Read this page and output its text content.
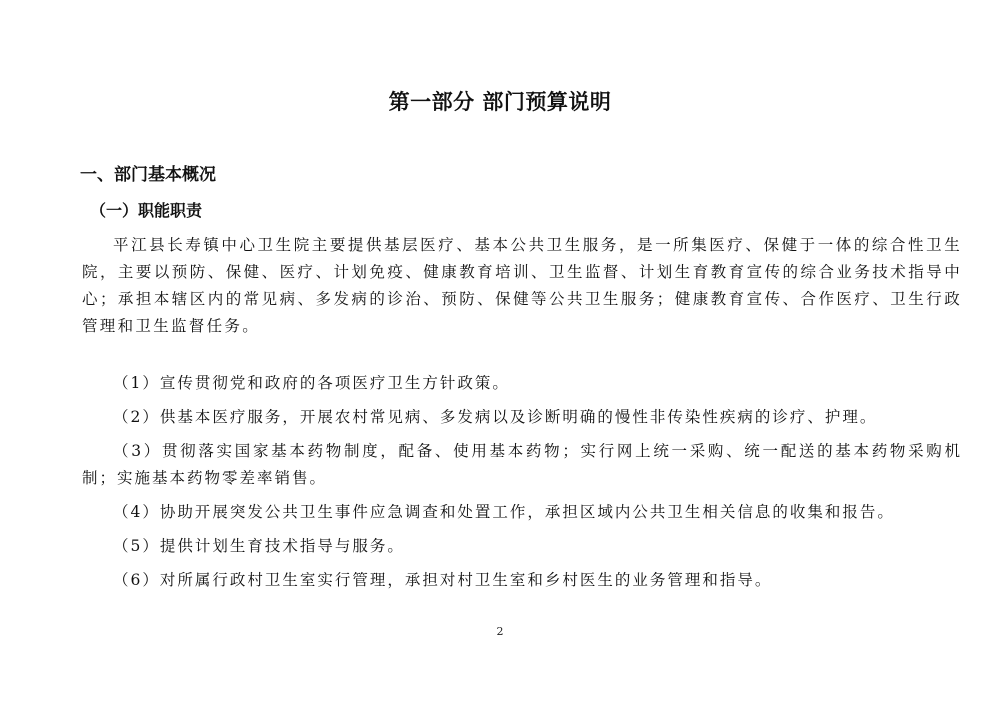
第一部分 部门预算说明
一、部门基本概况
（一）职能职责

平江县长寿镇中心卫生院主要提供基层医疗、基本公共卫生服务，是一所集医疗、保健于一体的综合性卫生院，主要以预防、保健、医疗、计划免疫、健康教育培训、卫生监督、计划生育教育宣传的综合业务技术指导中心；承担本辖区内的常见病、多发病的诊治、预防、保健等公共卫生服务；健康教育宣传、合作医疗、卫生行政管理和卫生监督任务。

（1）宣传贯彻党和政府的各项医疗卫生方针政策。
（2）供基本医疗服务，开展农村常见病、多发病以及诊断明确的慢性非传染性疾病的诊疗、护理。
（3）贯彻落实国家基本药物制度，配备、使用基本药物；实行网上统一采购、统一配送的基本药物采购机制；实施基本药物零差率销售。
（4）协助开展突发公共卫生事件应急调查和处置工作，承担区域内公共卫生相关信息的收集和报告。
（5）提供计划生育技术指导与服务。
（6）对所属行政村卫生室实行管理，承担对村卫生室和乡村医生的业务管理和指导。
2
